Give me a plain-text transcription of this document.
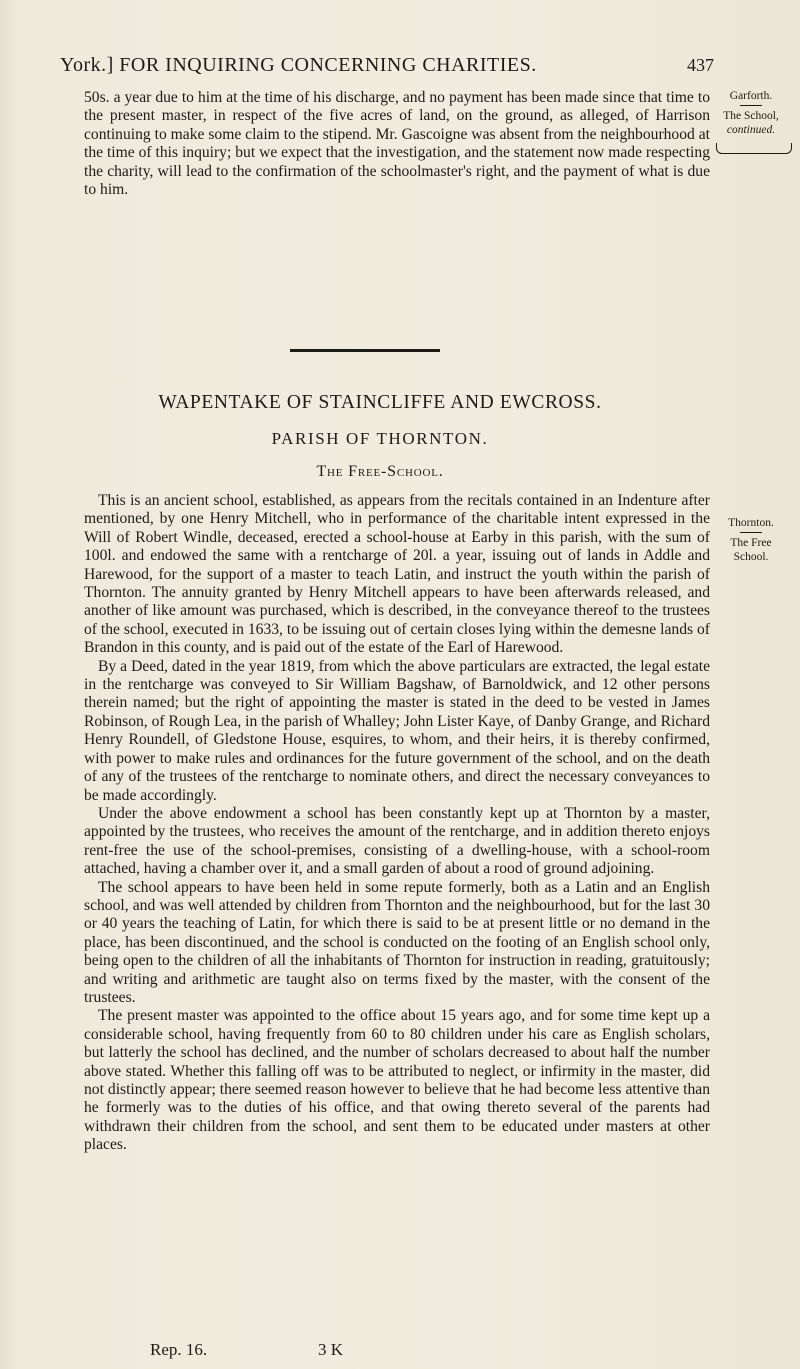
York.] FOR INQUIRING CONCERNING CHARITIES.	437

50s. a year due to him at the time of his discharge, and no payment has been made since that time to the present master, in respect of the five acres of land, on the ground, as alleged, of Harrison continuing to make some claim to the stipend. Mr. Gascoigne was absent from the neighbourhood at the time of this inquiry; but we expect that the investigation, and the statement now made respecting the charity, will lead to the confirmation of the schoolmaster's right, and the payment of what is due to him.

Garforth.
The School,
continued.
WAPENTAKE OF STAINCLIFFE AND EWCROSS.
PARISH OF THORNTON.
The Free-School.
Thornton.
The Free School.

This is an ancient school, established, as appears from the recitals contained in an Indenture after mentioned, by one Henry Mitchell, who in performance of the charitable intent expressed in the Will of Robert Windle, deceased, erected a school-house at Earby in this parish, with the sum of 100l. and endowed the same with a rentcharge of 20l. a year, issuing out of lands in Addle and Harewood, for the support of a master to teach Latin, and instruct the youth within the parish of Thornton. The annuity granted by Henry Mitchell appears to have been afterwards released, and another of like amount was purchased, which is described, in the conveyance thereof to the trustees of the school, executed in 1633, to be issuing out of certain closes lying within the demesne lands of Brandon in this county, and is paid out of the estate of the Earl of Harewood.

By a Deed, dated in the year 1819, from which the above particulars are extracted, the legal estate in the rentcharge was conveyed to Sir William Bagshaw, of Barnoldwick, and 12 other persons therein named; but the right of appointing the master is stated in the deed to be vested in James Robinson, of Rough Lea, in the parish of Whalley; John Lister Kaye, of Danby Grange, and Richard Henry Roundell, of Gledstone House, esquires, to whom, and their heirs, it is thereby confirmed, with power to make rules and ordinances for the future government of the school, and on the death of any of the trustees of the rentcharge to nominate others, and direct the necessary conveyances to be made accordingly.

Under the above endowment a school has been constantly kept up at Thornton by a master, appointed by the trustees, who receives the amount of the rentcharge, and in addition thereto enjoys rent-free the use of the school-premises, consisting of a dwelling-house, with a school-room attached, having a chamber over it, and a small garden of about a rood of ground adjoining.

The school appears to have been held in some repute formerly, both as a Latin and an English school, and was well attended by children from Thornton and the neighbourhood, but for the last 30 or 40 years the teaching of Latin, for which there is said to be at present little or no demand in the place, has been discontinued, and the school is conducted on the footing of an English school only, being open to the children of all the inhabitants of Thornton for instruction in reading, gratuitously; and writing and arithmetic are taught also on terms fixed by the master, with the consent of the trustees.

The present master was appointed to the office about 15 years ago, and for some time kept up a considerable school, having frequently from 60 to 80 children under his care as English scholars, but latterly the school has declined, and the number of scholars decreased to about half the number above stated. Whether this falling off was to be attributed to neglect, or infirmity in the master, did not distinctly appear; there seemed reason however to believe that he had become less attentive than he formerly was to the duties of his office, and that owing thereto several of the parents had withdrawn their children from the school, and sent them to be educated under masters at other places.

Rep. 16.	3 K
